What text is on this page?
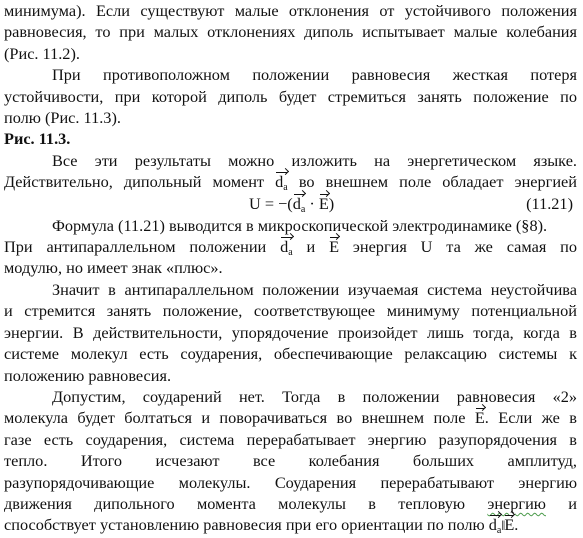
минимума). Если существуют малые отклонения от устойчивого положения
равновесия, то при малых отклонениях диполь испытывает малые колебания
(Рис. 11.2).

При противоположном положении равновесия жесткая потеря
устойчивости, при которой диполь будет стремиться занять положение по
полю (Рис. 11.3).

Рис. 11.3.

Все эти результаты можно изложить на энергетическом языке.
Действительно, дипольный момент $d_a$ во внешнем поле обладает энергией

$U = -(d_a \cdot E)$	(11.21)

Формула (11.21) выводится в микроскопической электродинамике (§8).
При антипараллельном положении $d_a$ и E энергия U та же самая по
модулю, но имеет знак «плюс».

Значит в антипараллельном положении изучаемая система неустойчива
и стремится занять положение, соответствующее минимуму потенциальной
энергии. В действительности, упорядочение произойдет лишь тогда, когда в
системе молекул есть соударения, обеспечивающие релаксацию системы к
положению равновесия.

Допустим, соударений нет. Тогда в положении равновесия «2»
молекула будет болтаться и поворачиваться во внешнем поле E. Если же в
газе есть соударения, система перерабатывает энергию разупорядочения в
тепло. Итого исчезают все колебания больших амплитуд,
разупорядочивающие молекулы. Соударения перерабатывают энергию
движения дипольного момента молекулы в тепловую энергию и
способствует установлению равновесия при его ориентации по полю $d_a‖E$.
